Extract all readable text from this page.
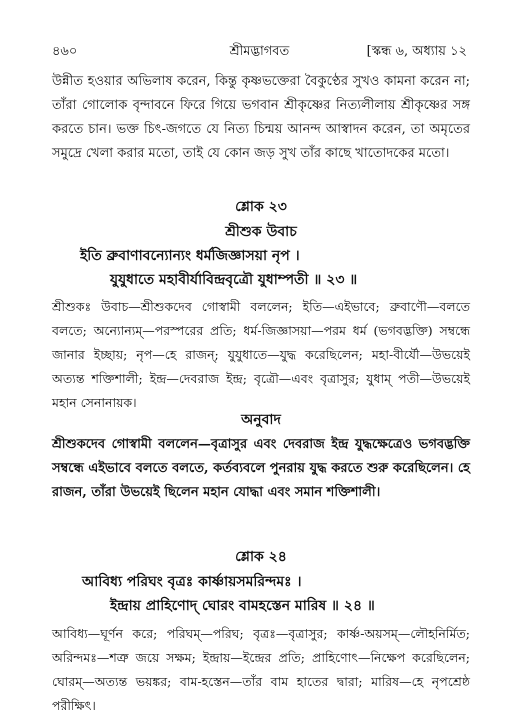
৪৬০	শ্রীমদ্ভাগবত	[স্কন্ধ ৬, অধ্যায় ১২

উন্নীত হওয়ার অভিলাষ করেন, কিন্তু কৃষ্ণভক্তেরা বৈকুণ্ঠের সুখও কামনা করেন না; তাঁরা গোলোক বৃন্দাবনে ফিরে গিয়ে ভগবান শ্রীকৃষ্ণের নিত্যলীলায় শ্রীকৃষ্ণের সঙ্গ করতে চান। ভক্ত চিৎ-জগতে যে নিত্য চিন্ময় আনন্দ আস্বাদন করেন, তা অমৃতের সমুদ্রে খেলা করার মতো, তাই যে কোন জড় সুখ তাঁর কাছে খাতোদকের মতো।

শ্লোক ২৩
শ্রীশুক উবাচ
ইতি ব্রুবাণাবন্যোন্যং ধর্মজিজ্ঞাসয়া নৃপ ।
যুযুধাতে মহাবীর্যাবিন্দ্রবৃত্রৌ যুধাম্পতী ॥ ২৩ ॥

শ্রীশুকঃ উবাচ—শ্রীশুকদেব গোস্বামী বললেন; ইতি—এইভাবে; ব্রুবাণৌ—বলতে বলতে; অন্যোন্যম্—পরস্পরের প্রতি; ধর্ম-জিজ্ঞাসয়া—পরম ধর্ম (ভগবদ্ভক্তি) সম্বন্ধে জানার ইচ্ছায়; নৃপ—হে রাজন্; যুযুধাতে—যুদ্ধ করেছিলেন; মহা-বীর্যৌ—উভয়েই অত্যন্ত শক্তিশালী; ইন্দ্র—দেবরাজ ইন্দ্র; বৃত্রৌ—এবং বৃত্রাসুর; যুধাম্ পতী—উভয়েই মহান সেনানায়ক।

অনুবাদ

শ্রীশুকদেব গোস্বামী বললেন—বৃত্রাসুর এবং দেবরাজ ইন্দ্র যুদ্ধক্ষেত্রেও ভগবদ্ভক্তি সম্বন্ধে এইভাবে বলতে বলতে, কর্তব্যবলে পুনরায় যুদ্ধ করতে শুরু করেছিলেন। হে রাজন, তাঁরা উভয়েই ছিলেন মহান যোদ্ধা এবং সমান শক্তিশালী।

শ্লোক ২৪
আবিধ্য পরিঘং বৃত্রঃ কার্ষ্ণায়সমরিন্দমঃ ।
ইন্দ্রায় প্রাহিণোদ্ ঘোরং বামহস্তেন মারিষ ॥ ২৪ ॥

আবিধ্য—ঘূর্ণন করে; পরিঘম্—পরিঘ; বৃত্রঃ—বৃত্রাসুর; কার্ষ্ণ-অয়সম্—লৌহনির্মিত; অরিন্দমঃ—শত্রু জয়ে সক্ষম; ইন্দ্রায়—ইন্দ্রের প্রতি; প্রাহিণোৎ—নিক্ষেপ করেছিলেন; ঘোরম্—অত্যন্ত ভয়ঙ্কর; বাম-হস্তেন—তাঁর বাম হাতের দ্বারা; মারিষ—হে নৃপশ্রেষ্ঠ পরীক্ষিৎ।
